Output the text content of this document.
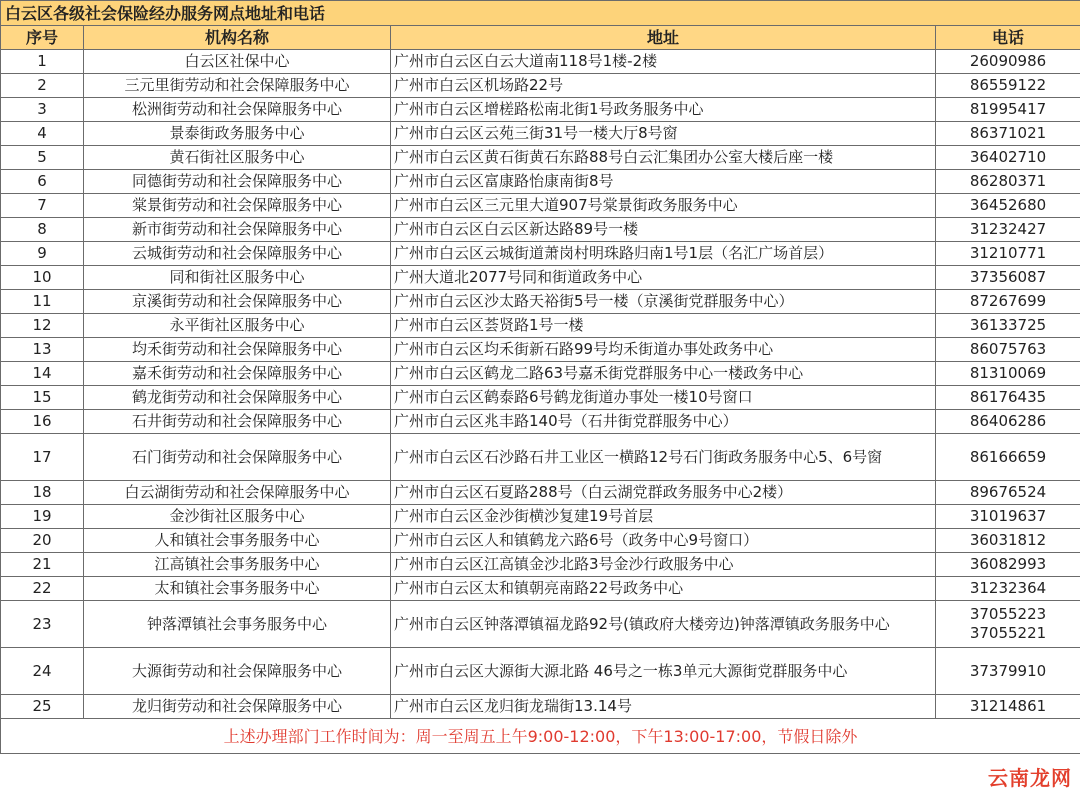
白云区各级社会保险经办服务网点地址和电话			
序号	机构名称	地址	电话
1	白云区社保中心	广州市白云区白云大道南118号1楼-2楼	26090986

2	三元里街劳动和社会保障服务中心	广州市白云区机场路22号	86559122

3	松洲街劳动和社会保障服务中心	广州市白云区增槎路松南北街1号政务服务中心	81995417

4	景泰街政务服务中心	广州市白云区云苑三街31号一楼大厅8号窗	86371021

5	黄石街社区服务中心	广州市白云区黄石街黄石东路88号白云汇集团办公室大楼后座一楼	36402710

6	同德街劳动和社会保障服务中心	广州市白云区富康路怡康南街8号	86280371

7	棠景街劳动和社会保障服务中心	广州市白云区三元里大道907号棠景街政务服务中心	36452680

8	新市街劳动和社会保障服务中心	广州市白云区白云区新达路89号一楼	31232427

9	云城街劳动和社会保障服务中心	广州市白云区云城街道萧岗村明珠路归南1号1层（名汇广场首层）	31210771

10	同和街社区服务中心	广州大道北2077号同和街道政务中心	37356087

11	京溪街劳动和社会保障服务中心	广州市白云区沙太路天裕街5号一楼（京溪街党群服务中心）	87267699

12	永平街社区服务中心	广州市白云区荟贤路1号一楼	36133725

13	均禾街劳动和社会保障服务中心	广州市白云区均禾街新石路99号均禾街道办事处政务中心	86075763

14	嘉禾街劳动和社会保障服务中心	广州市白云区鹤龙二路63号嘉禾街党群服务中心一楼政务中心	81310069

15	鹤龙街劳动和社会保障服务中心	广州市白云区鹤泰路6号鹤龙街道办事处一楼10号窗口	86176435

16	石井街劳动和社会保障服务中心	广州市白云区兆丰路140号（石井街党群服务中心）	86406286

17	石门街劳动和社会保障服务中心	广州市白云区石沙路石井工业区一横路12号石门街政务服务中心5、6号窗	86166659

18	白云湖街劳动和社会保障服务中心	广州市白云区石夏路288号（白云湖党群政务服务中心2楼）	89676524

19	金沙街社区服务中心	广州市白云区金沙街横沙复建19号首层	31019637

20	人和镇社会事务服务中心	广州市白云区人和镇鹤龙六路6号（政务中心9号窗口）	36031812

21	江高镇社会事务服务中心	广州市白云区江高镇金沙北路3号金沙行政服务中心	36082993

22	太和镇社会事务服务中心	广州市白云区太和镇朝亮南路22号政务中心	31232364

23	钟落潭镇社会事务服务中心	广州市白云区钟落潭镇福龙路92号(镇政府大楼旁边)钟落潭镇政务服务中心	37055223
37055221

24	大源街劳动和社会保障服务中心	广州市白云区大源街大源北路 46号之一栋3单元大源街党群服务中心	37379910

25	龙归街劳动和社会保障服务中心	广州市白云区龙归街龙瑞街13.14号	31214861

上述办理部门工作时间为：周一至周五上午9:00-12:00，下午13:00-17:00，节假日除外			
云南龙网
